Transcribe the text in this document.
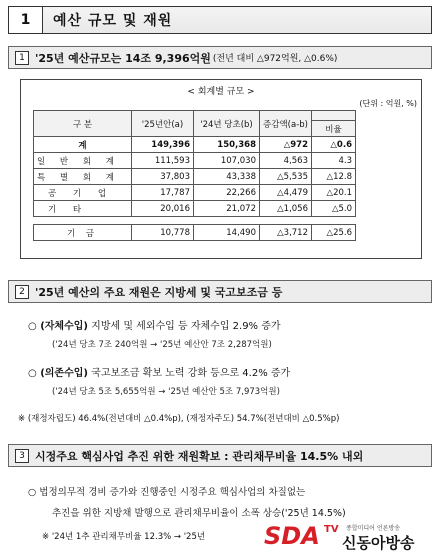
1	예산 규모 및 재원
1 '25년 예산규모는 14조 9,396억원 (전년 대비 △972억원, △0.6%)
< 회계별 규모 >
(단위 : 억원, %)
구 분	'25년안(a)	'24년 당초(b)	증감액(a-b)	
				비율
계	149,396	150,368	△972	△0.6
일 반 회 계	111,593	107,030	4,563	4.3
특 별 회 계	37,803	43,338	△5,535	△12.8
공 기 업	17,787	22,266	△4,479	△20.1
기 타	20,016	21,072	△1,056	△5.0

기 금	10,778	14,490	△3,712	△25.6
2 '25년 예산의 주요 재원은 지방세 및 국고보조금 등
○ (자체수입) 지방세 및 세외수입 등 자체수입 2.9% 증가
('24년 당초 7조 240억원 → '25년 예산안 7조 2,287억원)
○ (의존수입) 국고보조금 확보 노력 강화 등으로 4.2% 증가
('24년 당초 5조 5,655억원 → '25년 예산안 5조 7,973억원)
※ (재정자립도) 46.4%(전년대비 △0.4%p), (재정자주도) 54.7%(전년대비 △0.5%p)
3 시정주요 핵심사업 추진 위한 재원확보 : 관리채무비율 14.5% 내외
○ 법정의무적 경비 증가와 진행중인 시정주요 핵심사업의 차질없는
추진을 위한 지방채 발행으로 관리채무비율이 소폭 상승('25년 14.5%)
※ '24년 1추 관리채무비율 12.3% → '25년 SDA TV 종합미디어 언론방송
신동아방송
